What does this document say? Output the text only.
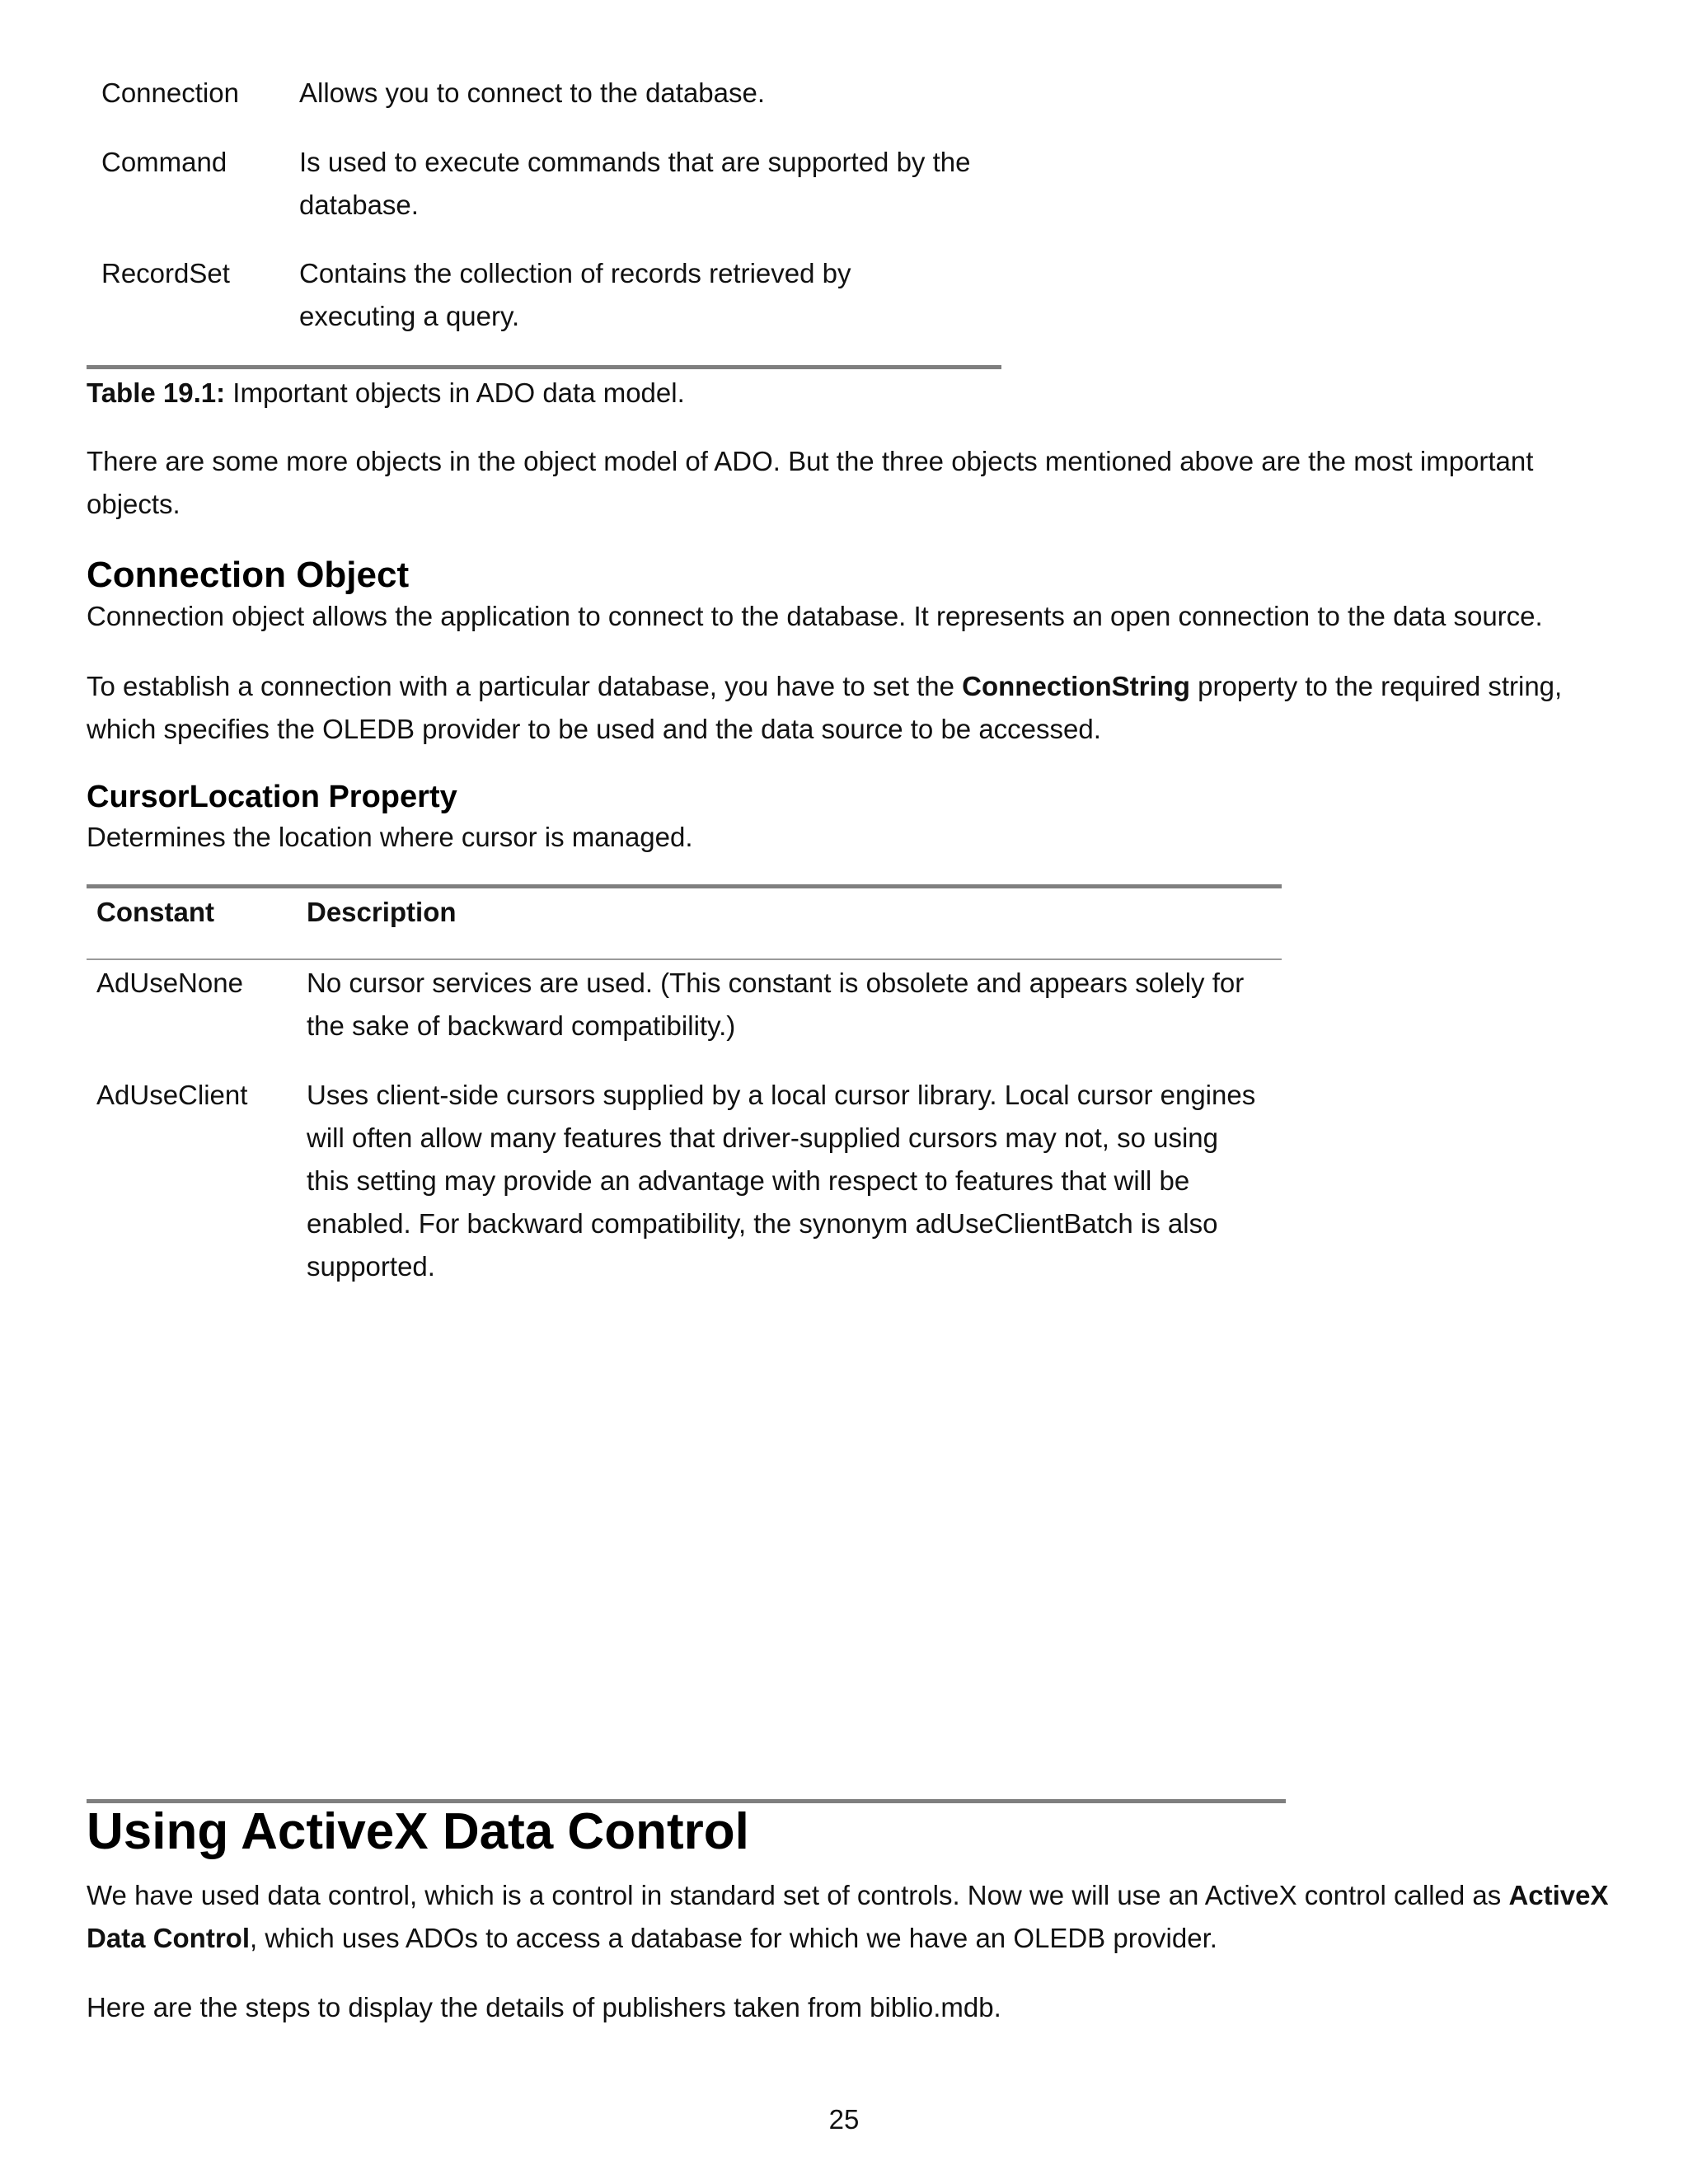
Connection	Allows you to connect to the database.
Command	Is used to execute commands that are supported by the database.
RecordSet	Contains the collection of records retrieved by executing a query.
Table 19.1: Important objects in ADO data model.
There are some more objects in the object model of ADO. But the three objects mentioned above are the most important objects.
Connection Object
Connection object allows the application to connect to the database. It represents an open connection to the data source.
To establish a connection with a particular database, you have to set the ConnectionString property to the required string, which specifies the OLEDB provider to be used and the data source to be accessed.
CursorLocation Property
Determines the location where cursor is managed.
Constant	Description
AdUseNone	No cursor services are used. (This constant is obsolete and appears solely for the sake of backward compatibility.)
AdUseClient	Uses client-side cursors supplied by a local cursor library. Local cursor engines will often allow many features that driver-supplied cursors may not, so using this setting may provide an advantage with respect to features that will be enabled. For backward compatibility, the synonym adUseClientBatch is also supported.
Using ActiveX Data Control
We have used data control, which is a control in standard set of controls. Now we will use an ActiveX control called as ActiveX Data Control, which uses ADOs to access a database for which we have an OLEDB provider.
Here are the steps to display the details of publishers taken from biblio.mdb.
25
